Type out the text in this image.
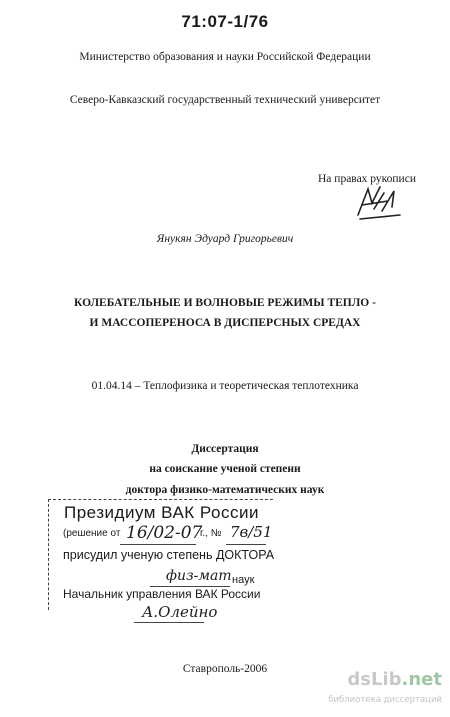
71:07-1/76
Министерство образования и науки Российской Федерации
Северо-Кавказский государственный технический университет
На правах рукописи
Янукян Эдуард Григорьевич
КОЛЕБАТЕЛЬНЫЕ И ВОЛНОВЫЕ РЕЖИМЫ ТЕПЛО -
И МАССОПЕРЕНОСА В ДИСПЕРСНЫХ СРЕДАХ
01.04.14 – Теплофизика и теоретическая теплотехника
Диссертация
на соискание ученой степени
доктора физико-математических наук
Президиум ВАК России
(решение от 16/02-07
г., № 7в/51
присудил ученую степень ДОКТОРА
физ-мат наук
Начальник управления ВАК России
А.Олейно
Ставрополь-2006	dsLib.net
библиотека диссертаций
